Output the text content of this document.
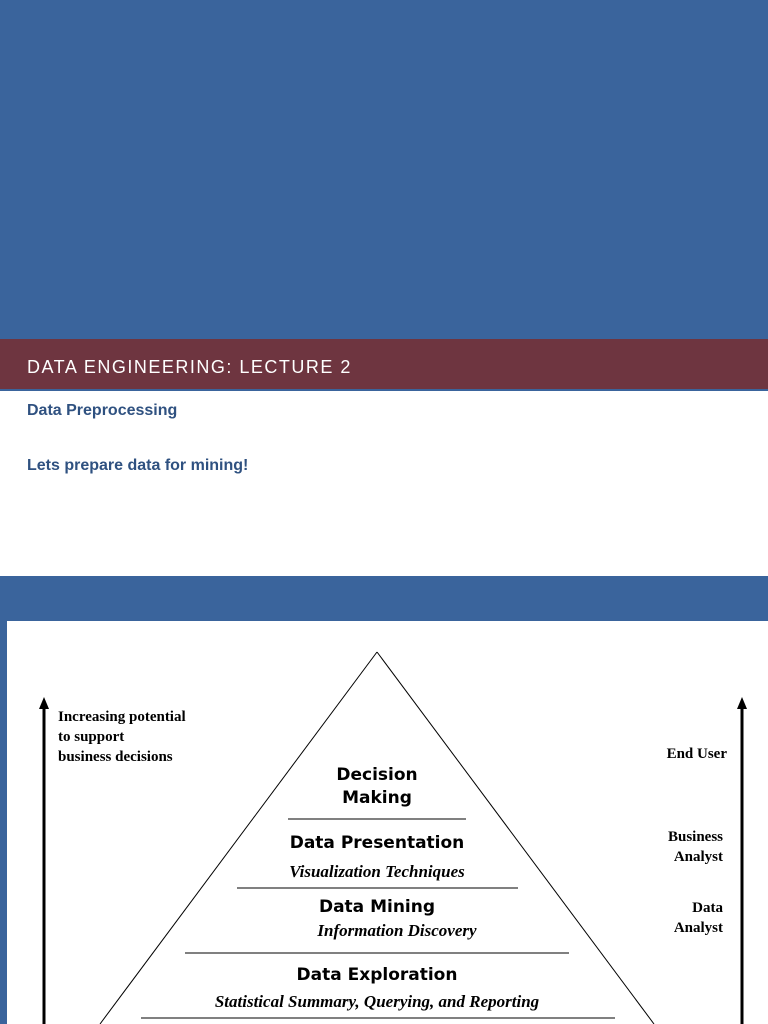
DATA ENGINEERING: LECTURE 2
Data Preprocessing
Lets prepare data for mining!
Increasing potential
to support
business decisions	End User
Business
Analyst
Data
Analyst
Decision
Making
Data Presentation
Visualization Techniques
Data Mining
Information Discovery
Data Exploration
Statistical Summary, Querying, and Reporting
